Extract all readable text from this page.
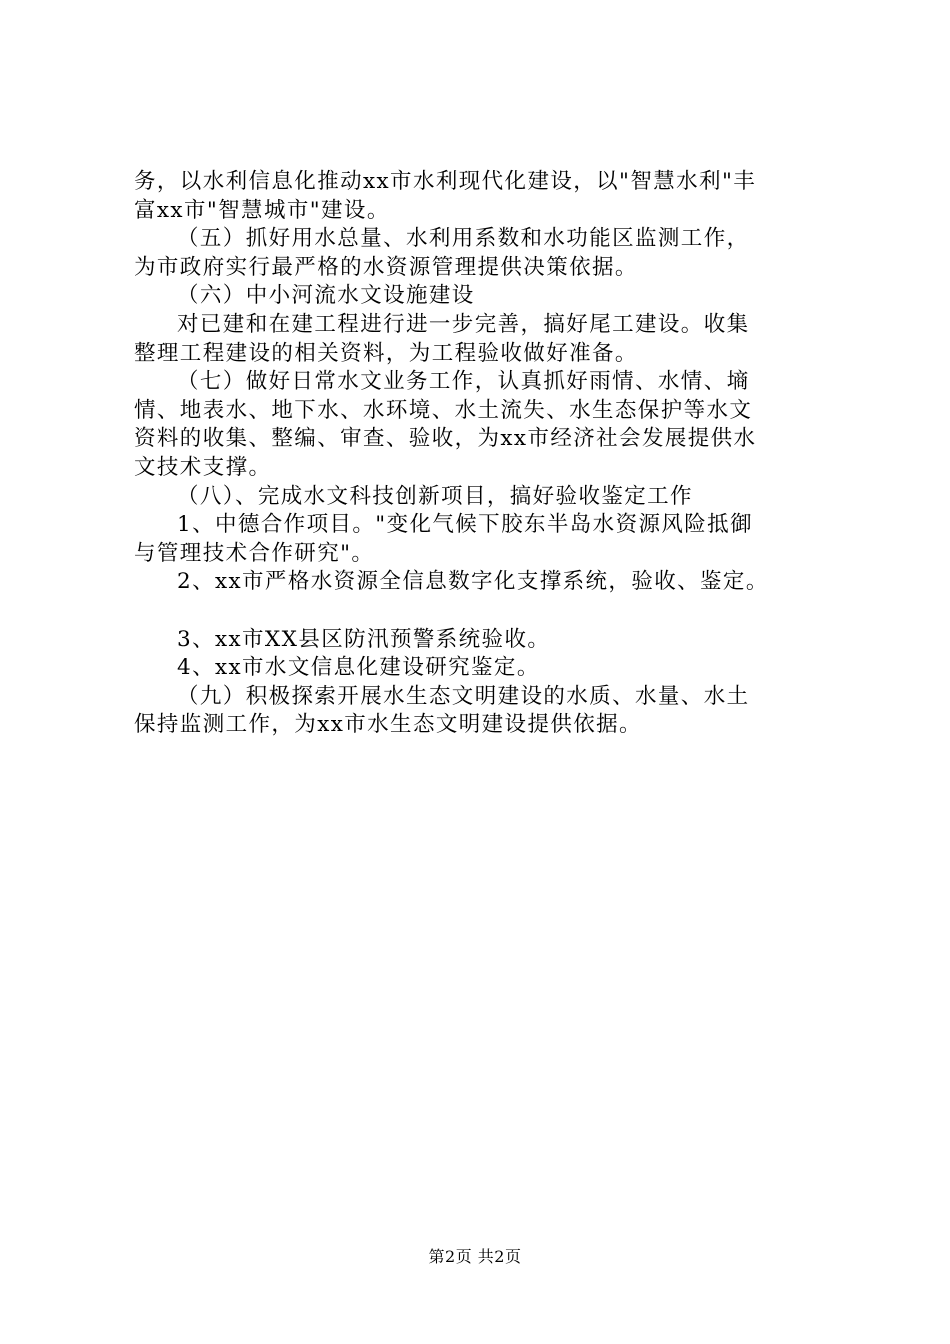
务，以水利信息化推动xx市水利现代化建设，以"智慧水利"丰
富xx市"智慧城市"建设。
（五）抓好用水总量、水利用系数和水功能区监测工作，
为市政府实行最严格的水资源管理提供决策依据。
（六）中小河流水文设施建设
对已建和在建工程进行进一步完善，搞好尾工建设。收集
整理工程建设的相关资料，为工程验收做好准备。
（七）做好日常水文业务工作，认真抓好雨情、水情、墒
情、地表水、地下水、水环境、水土流失、水生态保护等水文
资料的收集、整编、审查、验收，为xx市经济社会发展提供水
文技术支撑。
（八）、完成水文科技创新项目，搞好验收鉴定工作
1、中德合作项目。"变化气候下胶东半岛水资源风险抵御
与管理技术合作研究"。
2、xx市严格水资源全信息数字化支撑系统，验收、鉴定。
3、xx市XX县区防汛预警系统验收。
4、xx市水文信息化建设研究鉴定。
（九）积极探索开展水生态文明建设的水质、水量、水土
保持监测工作，为xx市水生态文明建设提供依据。
第2页 共2页
